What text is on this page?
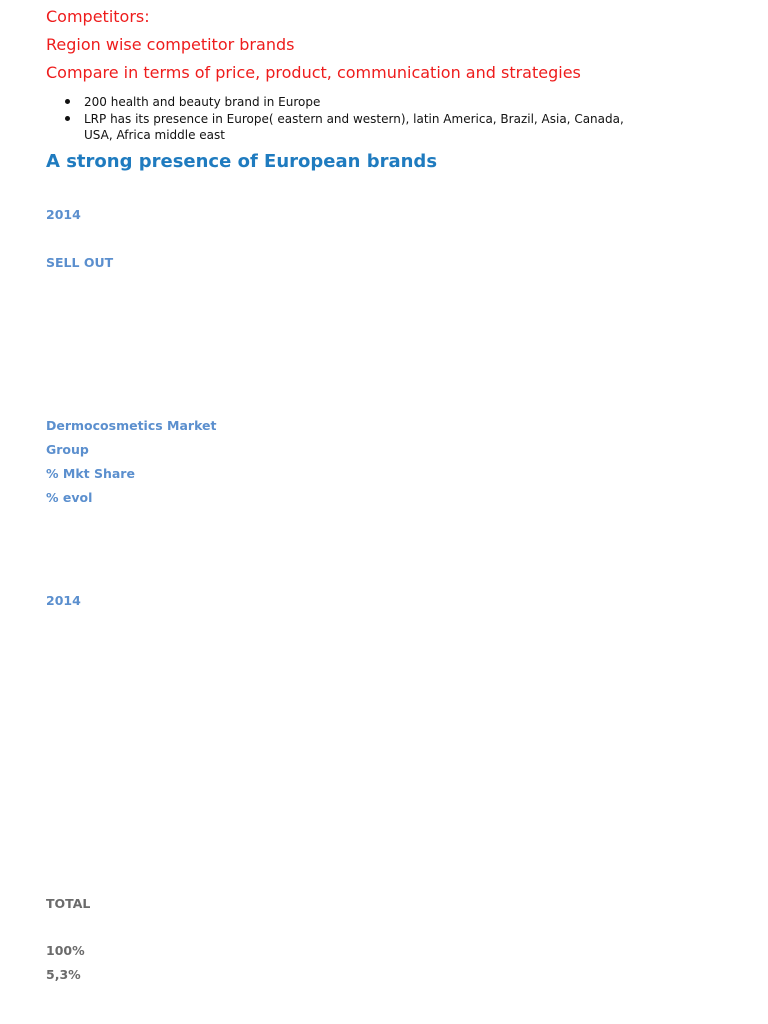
Competitors:
Region wise competitor brands
Compare in terms of price, product, communication and strategies
200 health and beauty brand in Europe
LRP has its presence in Europe( eastern and western), latin America, Brazil, Asia, Canada, USA, Africa middle east
A strong presence of European brands
2014
SELL OUT
Dermocosmetics Market
Group
% Mkt Share
% evol
2014
TOTAL
100%
5,3%
